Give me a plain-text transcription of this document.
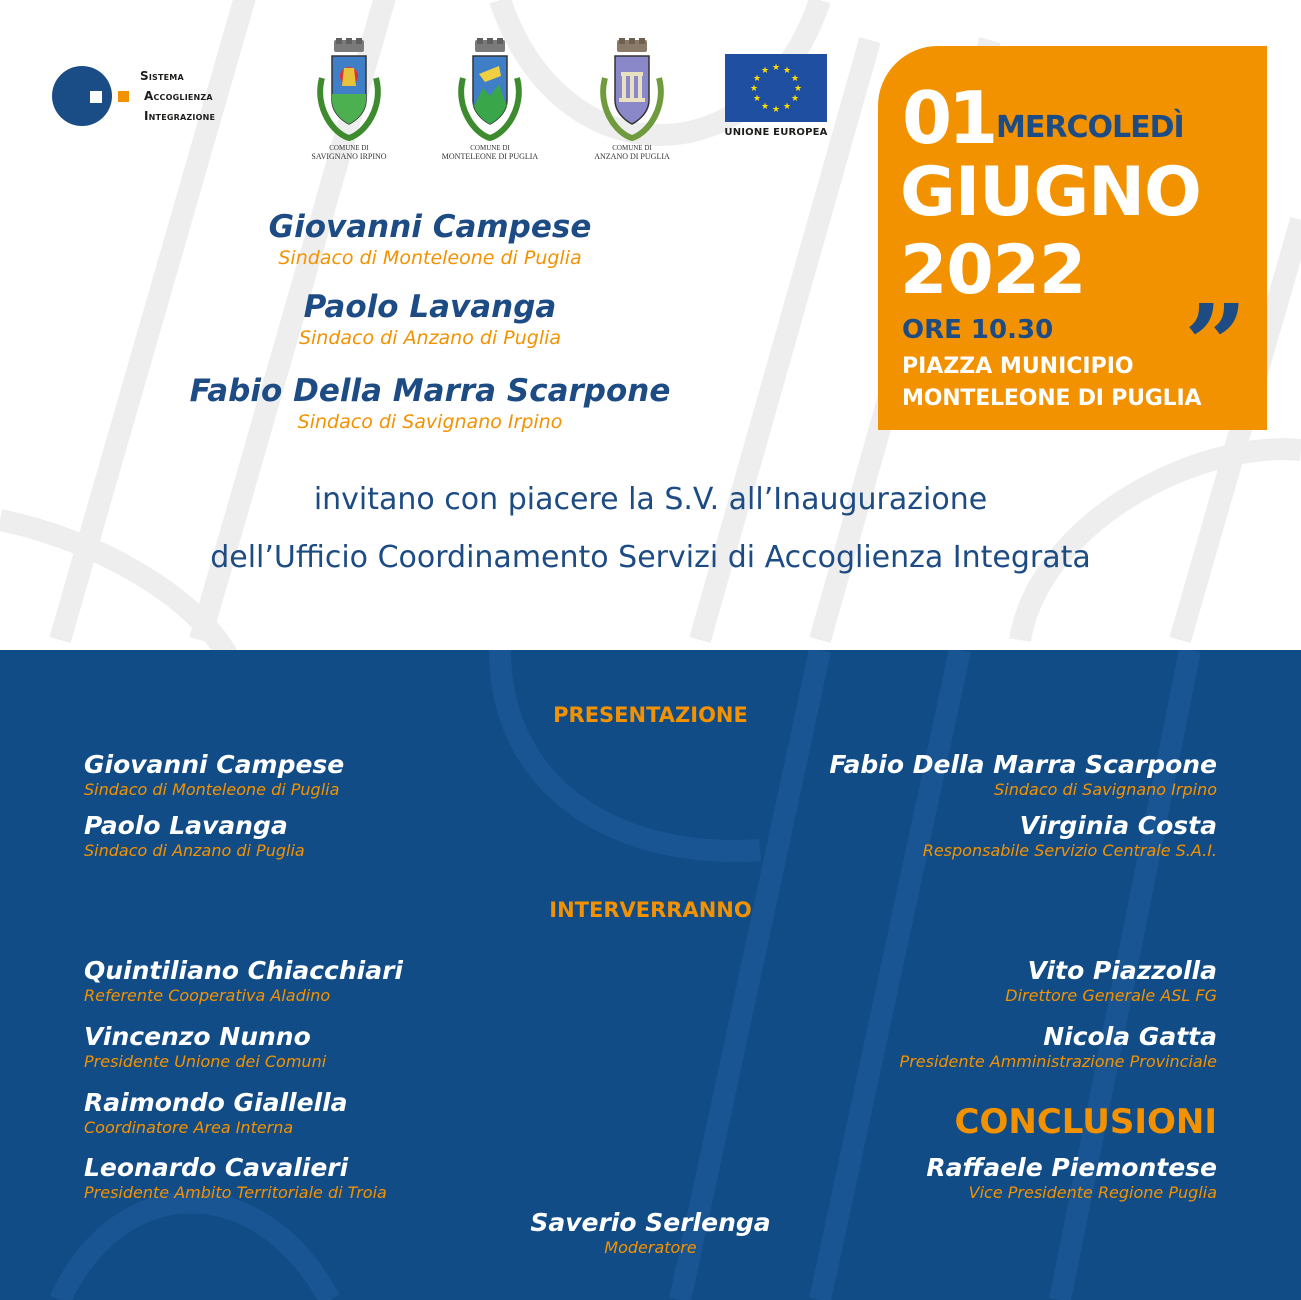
Sistema
Accoglienza
Integrazione
COMUNE DI
SAVIGNANO IRPINO
COMUNE DI
MONTELEONE DI PUGLIA
COMUNE DI
ANZANO DI PUGLIA
★ ★
★
★
★
★
★
★
★
★
★
★
UNIONE EUROPEA 01 MERCOLEDÌ
GIUGNO
2022
ORE 10.30 ”
PIAZZA MUNICIPIO
MONTELEONE DI PUGLIA
Giovanni Campese
Sindaco di Monteleone di Puglia
Paolo Lavanga
Sindaco di Anzano di Puglia
Fabio Della Marra Scarpone
Sindaco di Savignano Irpino
invitano con piacere la S.V. all’Inaugurazione
dell’Ufficio Coordinamento Servizi di Accoglienza Integrata
PRESENTAZIONE
Giovanni Campese
Sindaco di Monteleone di Puglia
Paolo Lavanga
Sindaco di Anzano di Puglia
Fabio Della Marra Scarpone
Sindaco di Savignano Irpino
Virginia Costa
Responsabile Servizio Centrale S.A.I.
INTERVERRANNO
Quintiliano Chiacchiari
Referente Cooperativa Aladino
Vincenzo Nunno
Presidente Unione dei Comuni
Raimondo Giallella
Coordinatore Area Interna
Leonardo Cavalieri
Presidente Ambito Territoriale di Troia
Vito Piazzolla
Direttore Generale ASL FG
Nicola Gatta
Presidente Amministrazione Provinciale
CONCLUSIONI
Raffaele Piemontese
Vice Presidente Regione Puglia
Saverio Serlenga
Moderatore
